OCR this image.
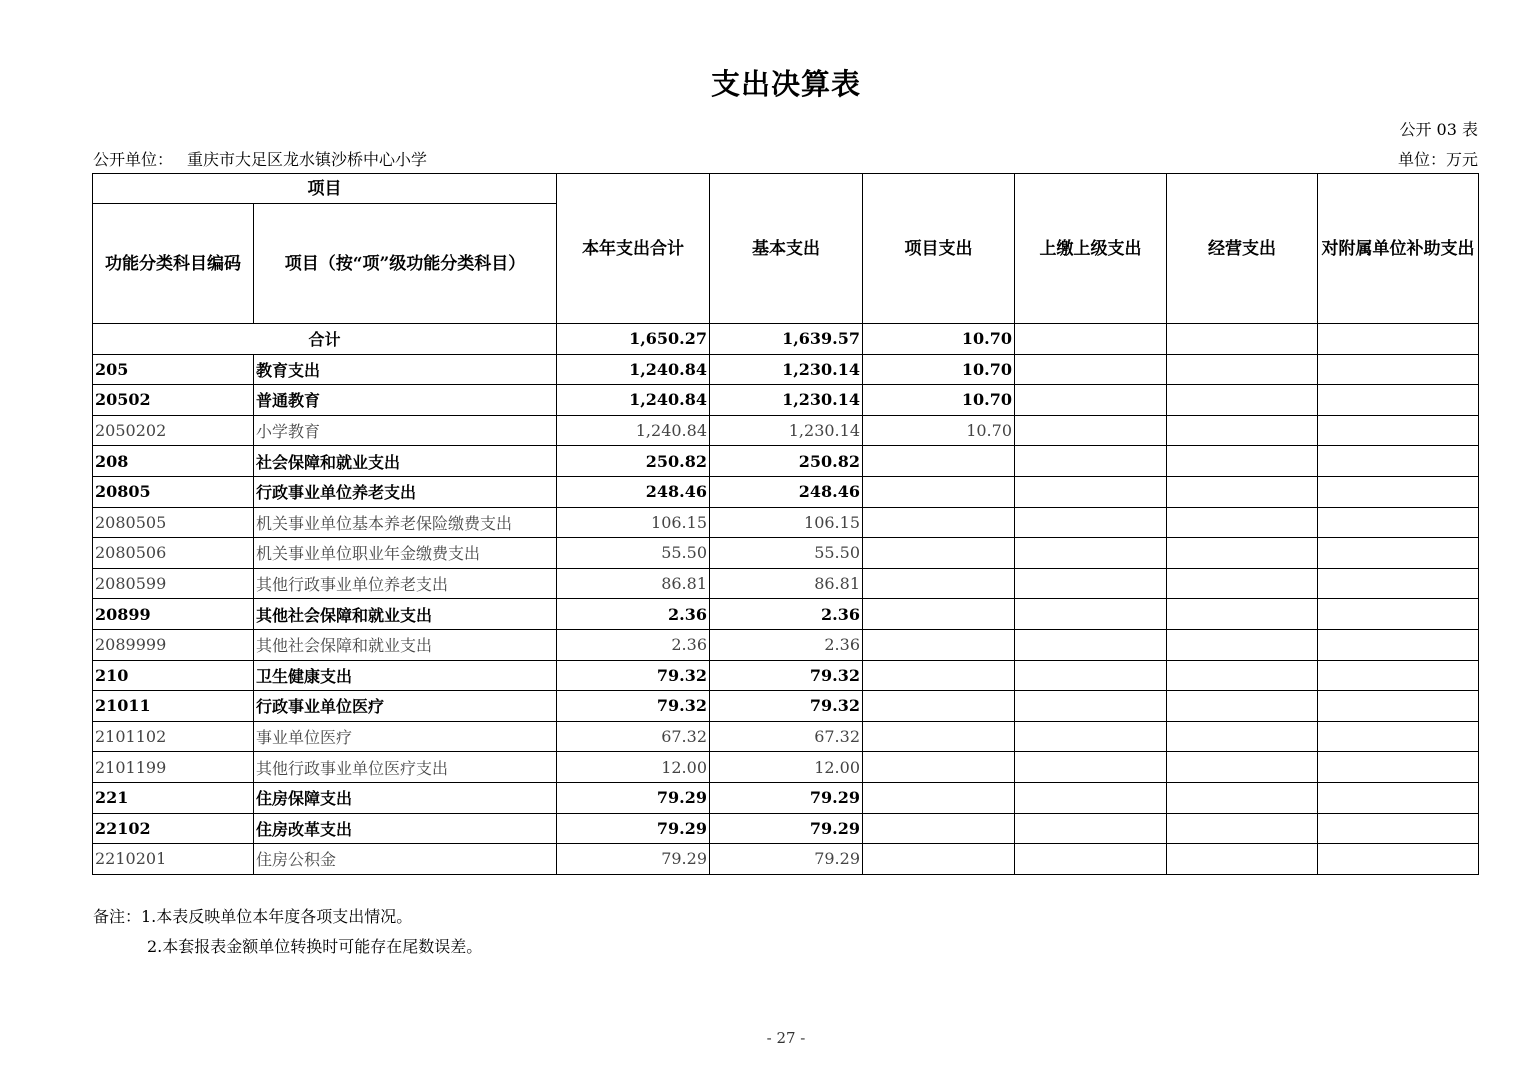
支出决算表
公开 03 表
公开单位： 重庆市大足区龙水镇沙桥中心小学	单位：万元
项目		本年支出合计	基本支出	项目支出	上缴上级支出	经营支出	对附属单位补助支出
功能分类科目编码	项目（按“项”级功能分类科目）						
合计		1,650.27	1,639.57	10.70			
205	教育支出	1,240.84	1,230.14	10.70			
20502	普通教育	1,240.84	1,230.14	10.70			
2050202	小学教育	1,240.84	1,230.14	10.70			
208	社会保障和就业支出	250.82	250.82				
20805	行政事业单位养老支出	248.46	248.46				
2080505	机关事业单位基本养老保险缴费支出	106.15	106.15				
2080506	机关事业单位职业年金缴费支出	55.50	55.50				
2080599	其他行政事业单位养老支出	86.81	86.81				
20899	其他社会保障和就业支出	2.36	2.36				
2089999	其他社会保障和就业支出	2.36	2.36				
210	卫生健康支出	79.32	79.32				
21011	行政事业单位医疗	79.32	79.32				
2101102	事业单位医疗	67.32	67.32				
2101199	其他行政事业单位医疗支出	12.00	12.00				
221	住房保障支出	79.29	79.29				
22102	住房改革支出	79.29	79.29				
2210201	住房公积金	79.29	79.29				
备注：1.本表反映单位本年度各项支出情况。
2.本套报表金额单位转换时可能存在尾数误差。
- 27 -
